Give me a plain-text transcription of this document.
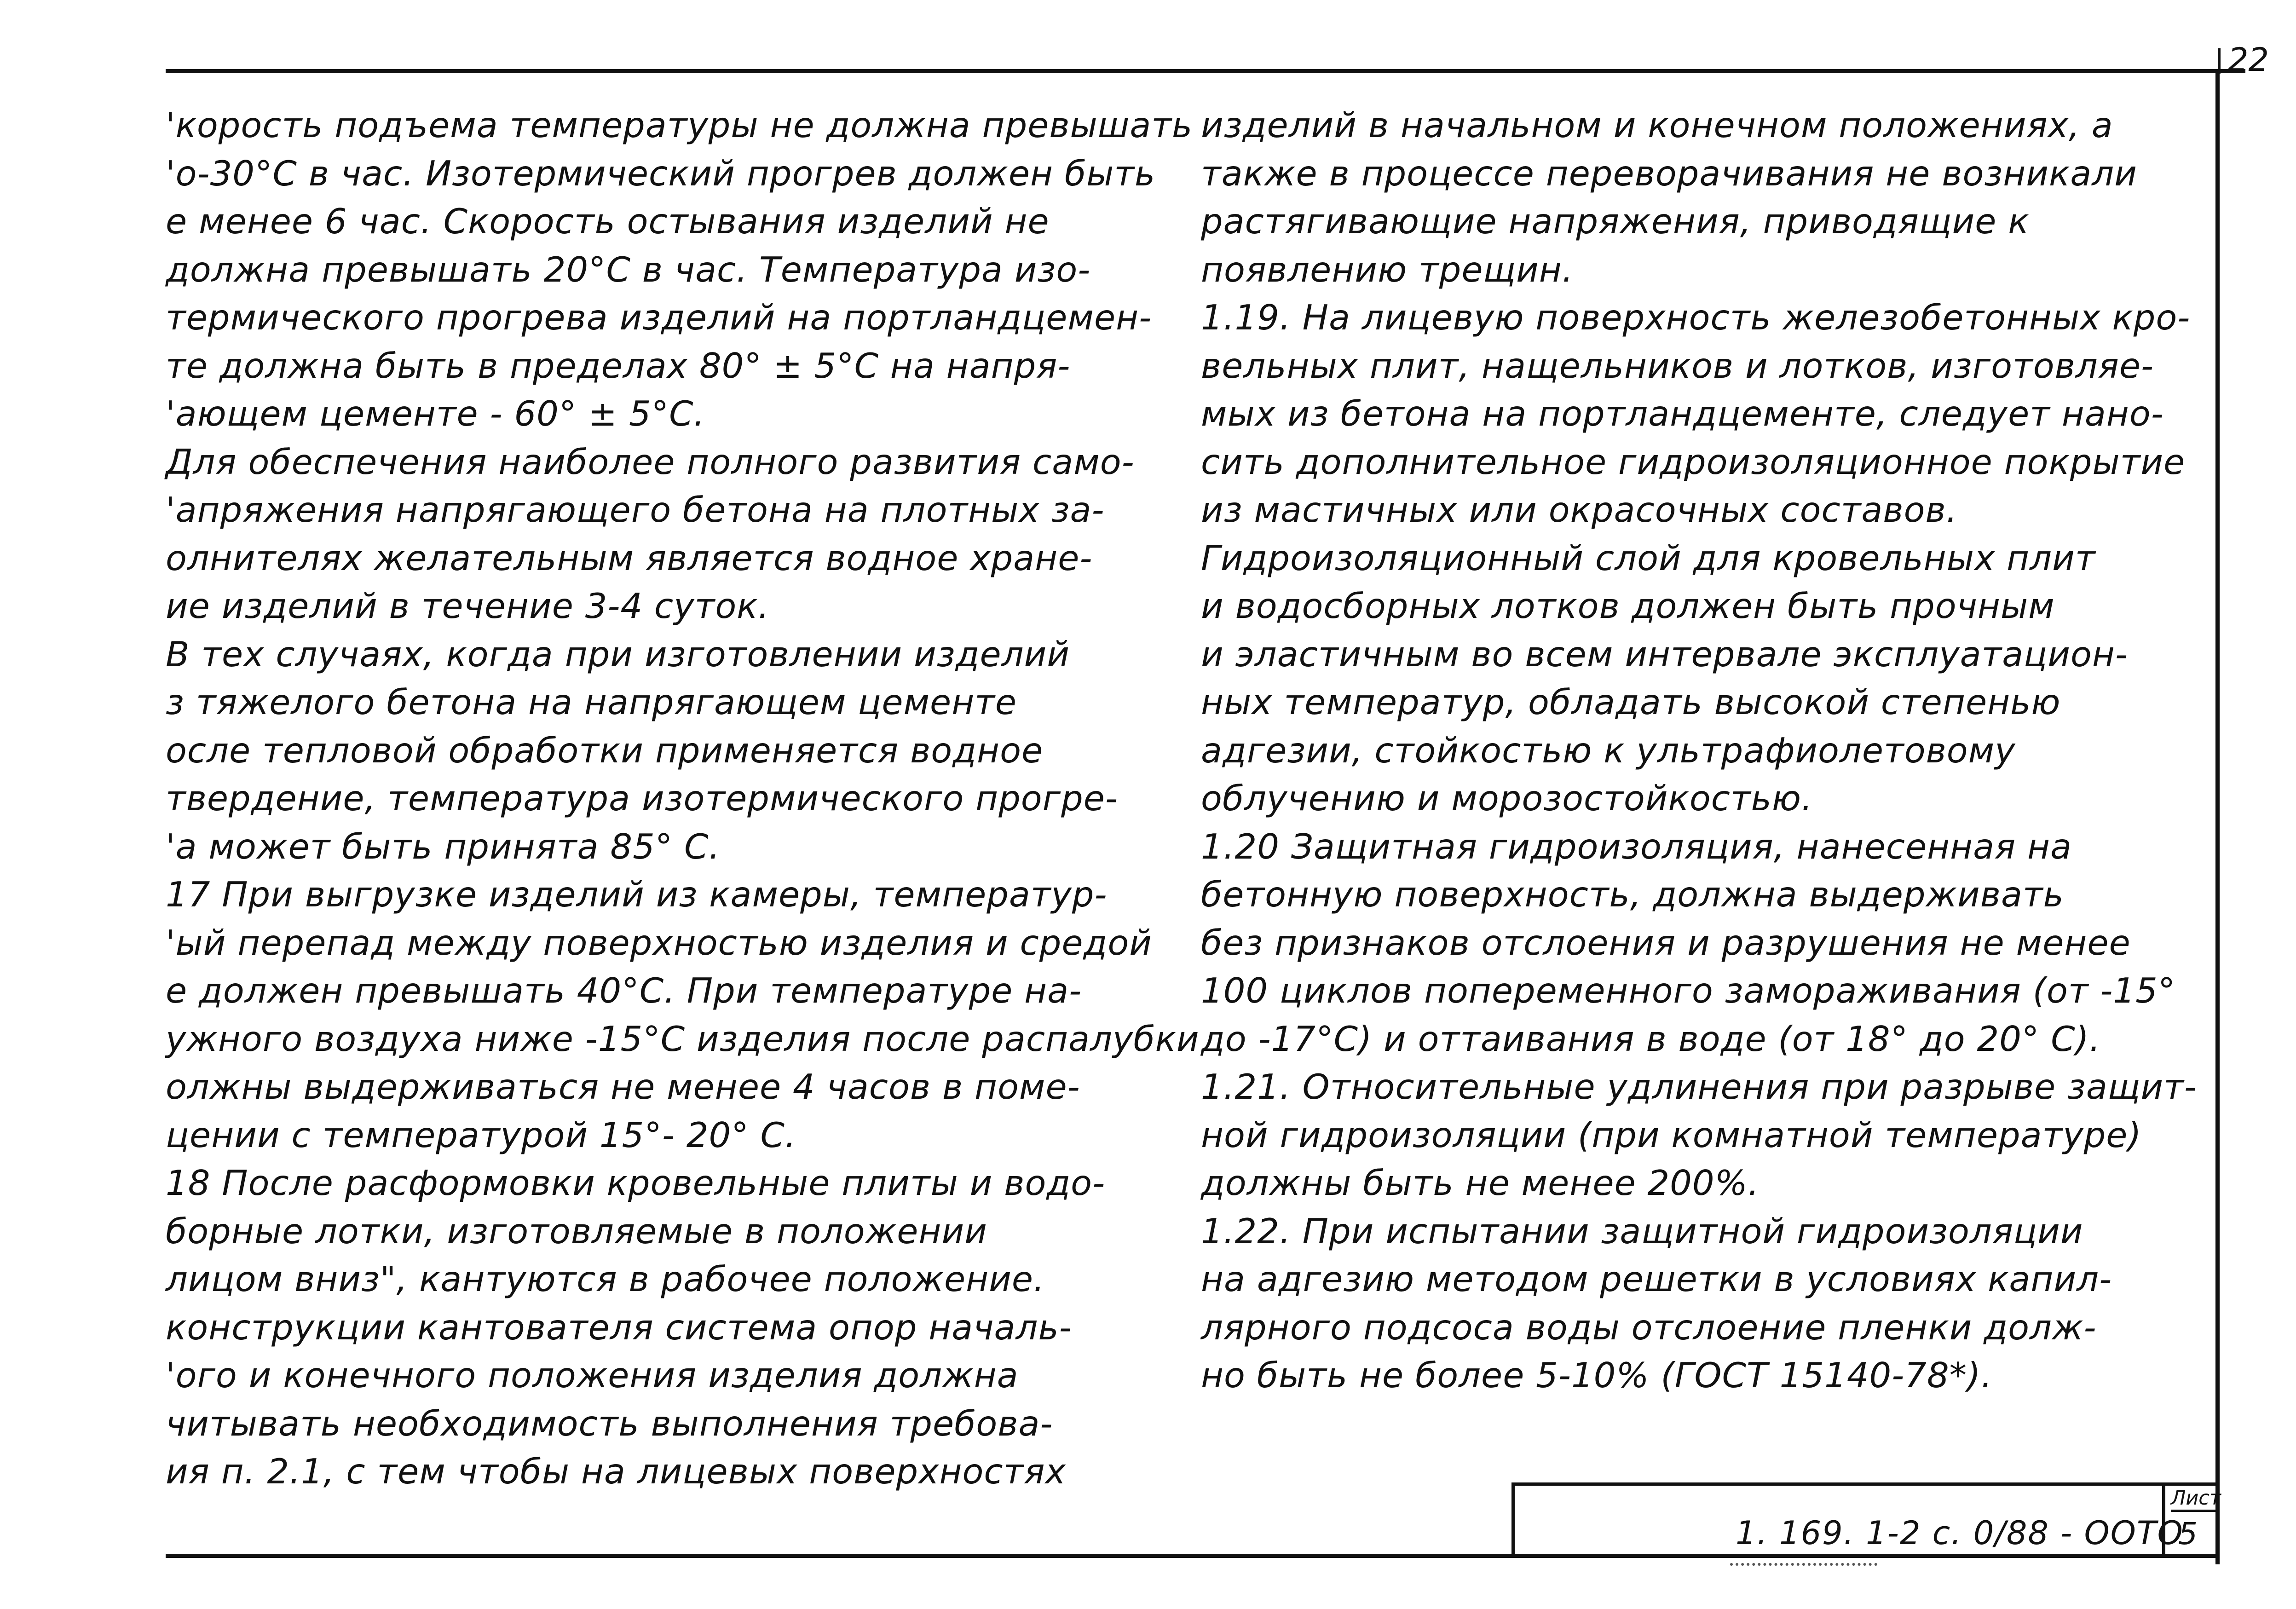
22
'корость подъема температуры не должна превышать
'о-30°С в час. Изотермический прогрев должен быть
е менее 6 час. Скорость остывания изделий не
должна превышать 20°С в час. Температура изо-
термического прогрева изделий на портландцемен-
те должна быть в пределах 80° ± 5°С на напря-
'ающем цементе - 60° ± 5°С.
Для обеспечения наиболее полного развития само-
'апряжения напрягающего бетона на плотных за-
олнителях желательным является водное хране-
ие изделий в течение 3-4 суток.
В тех случаях, когда при изготовлении изделий
з тяжелого бетона на напрягающем цементе
осле тепловой обработки применяется водное
твердение, температура изотермического прогре-
'а может быть принята 85° С.
17 При выгрузке изделий из камеры, температур-
'ый перепад между поверхностью изделия и средой
е должен превышать 40°С. При температуре на-
ужного воздуха ниже -15°С изделия после распалубки
олжны выдерживаться не менее 4 часов в поме-
цении с температурой 15°- 20° С.
18 После расформовки кровельные плиты и водо-
борные лотки, изготовляемые в положении
лицом вниз", кантуются в рабочее положение.
конструкции кантователя система опор началь-
'ого и конечного положения изделия должна
читывать необходимость выполнения требова-
ия п. 2.1, с тем чтобы на лицевых поверхностях
изделий в начальном и конечном положениях, а
также в процессе переворачивания не возникали
растягивающие напряжения, приводящие к
появлению трещин.
1.19. На лицевую поверхность железобетонных кро-
вельных плит, нащельников и лотков, изготовляе-
мых из бетона на портландцементе, следует нано-
сить дополнительное гидроизоляционное покрытие
из мастичных или окрасочных составов.
Гидроизоляционный слой для кровельных плит
и водосборных лотков должен быть прочным
и эластичным во всем интервале эксплуатацион-
ных температур, обладать высокой степенью
адгезии, стойкостью к ультрафиолетовому
облучению и морозостойкостью.
1.20 Защитная гидроизоляция, нанесенная на
бетонную поверхность, должна выдерживать
без признаков отслоения и разрушения не менее
100 циклов попеременного замораживания (от -15°
до -17°С) и оттаивания в воде (от 18° до 20° С).
1.21. Относительные удлинения при разрыве защит-
ной гидроизоляции (при комнатной температуре)
должны быть не менее 200%.
1.22. При испытании защитной гидроизоляции
на адгезию методом решетки в условиях капил-
лярного подсоса воды отслоение пленки долж-
но быть не более 5-10% (ГОСТ 15140-78*).
1. 169. 1-2 с. 0/88 - ООТО
Лист
5
